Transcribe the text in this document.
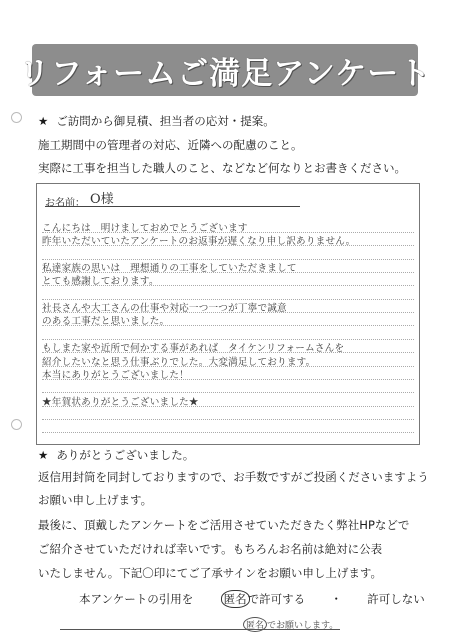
リフォームご満足アンケート
★ ご訪問から御見積、担当者の応対・提案。
施工期間中の管理者の対応、近隣への配慮のこと。
実際に工事を担当した職人のこと、などなど何なりとお書きください。
お名前： O様
こんにちは　明けましておめでとうございます
昨年いただいていたアンケートのお返事が遅くなり申し訳ありません。
私達家族の思いは　理想通りの工事をしていただきまして
とても感謝しております。
社長さんや大工さんの仕事や対応一つ一つが丁寧で誠意
のある工事だと思いました。
もしまた家や近所で何かする事があれば　タイケンリフォームさんを
紹介したいなと思う仕事ぶりでした。大変満足しております。
本当にありがとうございました！
★年賀状ありがとうございました★
★ ありがとうございました。
返信用封筒を同封しておりますので、お手数ですがご投函くださいますよう
お願い申し上げます。
最後に、頂戴したアンケートをご活用させていただきたく弊社HPなどで
ご紹介させていただければ幸いです。もちろんお名前は絶対に公表
いたしません。下記〇印にてご了承サインをお願い申し上げます。
本アンケートの引用を	匿名で許可する ・ 許可しない
匿名 でお願いします。
